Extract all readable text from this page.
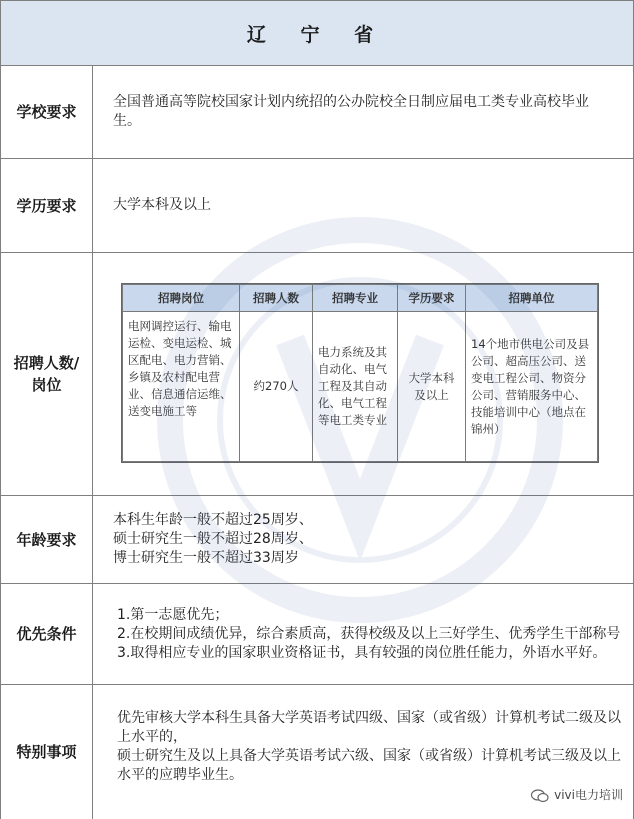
辽 宁 省
学校要求

全国普通高等院校国家计划内统招的公办院校全日制应届电工类专业高校毕业生。

学历要求	大学本科及以上

招聘人数/
岗位
招聘岗位	招聘人数	招聘专业	学历要求	招聘单位
电网调控运行、输电运检、变电运检、城区配电、电力营销、乡镇及农村配电营业、信息通信运维、送变电施工等	约270人	电力系统及其自动化、电气工程及其自动化、电气工程等电工类专业	大学本科及以上	14个地市供电公司及县公司、超高压公司、送变电工程公司、物资分公司、营销服务中心、技能培训中心（地点在锦州）
年龄要求

本科生年龄一般不超过25周岁、

硕士研究生一般不超过28周岁、

博士研究生一般不超过33周岁

优先条件

1.第一志愿优先；

2.在校期间成绩优异，综合素质高，获得校级及以上三好学生、优秀学生干部称号

3.取得相应专业的国家职业资格证书，具有较强的岗位胜任能力，外语水平好。

特别事项

优先审核大学本科生具备大学英语考试四级、国家（或省级）计算机考试二级及以上水平的，

硕士研究生及以上具备大学英语考试六级、国家（或省级）计算机考试三级及以上水平的应聘毕业生。

vivi电力培训
